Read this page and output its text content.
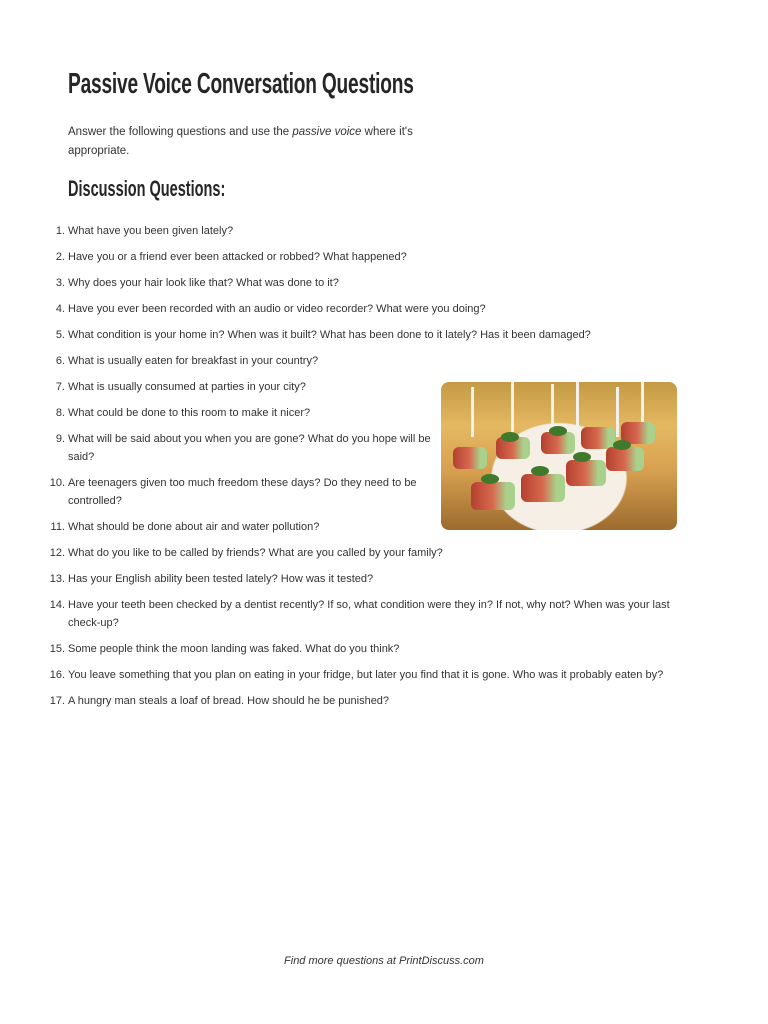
Passive Voice Conversation Questions
Answer the following questions and use the passive voice where it's appropriate.
Discussion Questions:
1. What have you been given lately?
2. Have you or a friend ever been attacked or robbed? What happened?
3. Why does your hair look like that? What was done to it?
4. Have you ever been recorded with an audio or video recorder? What were you doing?
5. What condition is your home in? When was it built? What has been done to it lately? Has it been damaged?
6. What is usually eaten for breakfast in your country?
7. What is usually consumed at parties in your city?
8. What could be done to this room to make it nicer?
9. What will be said about you when you are gone? What do you hope will be said?
10. Are teenagers given too much freedom these days? Do they need to be controlled?
11. What should be done about air and water pollution?
12. What do you like to be called by friends? What are you called by your family?
13. Has your English ability been tested lately? How was it tested?
14. Have your teeth been checked by a dentist recently? If so, what condition were they in? If not, why not? When was your last check-up?
15. Some people think the moon landing was faked. What do you think?
16. You leave something that you plan on eating in your fridge, but later you find that it is gone. Who was it probably eaten by?
17. A hungry man steals a loaf of bread. How should he be punished?
Find more questions at PrintDiscuss.com
